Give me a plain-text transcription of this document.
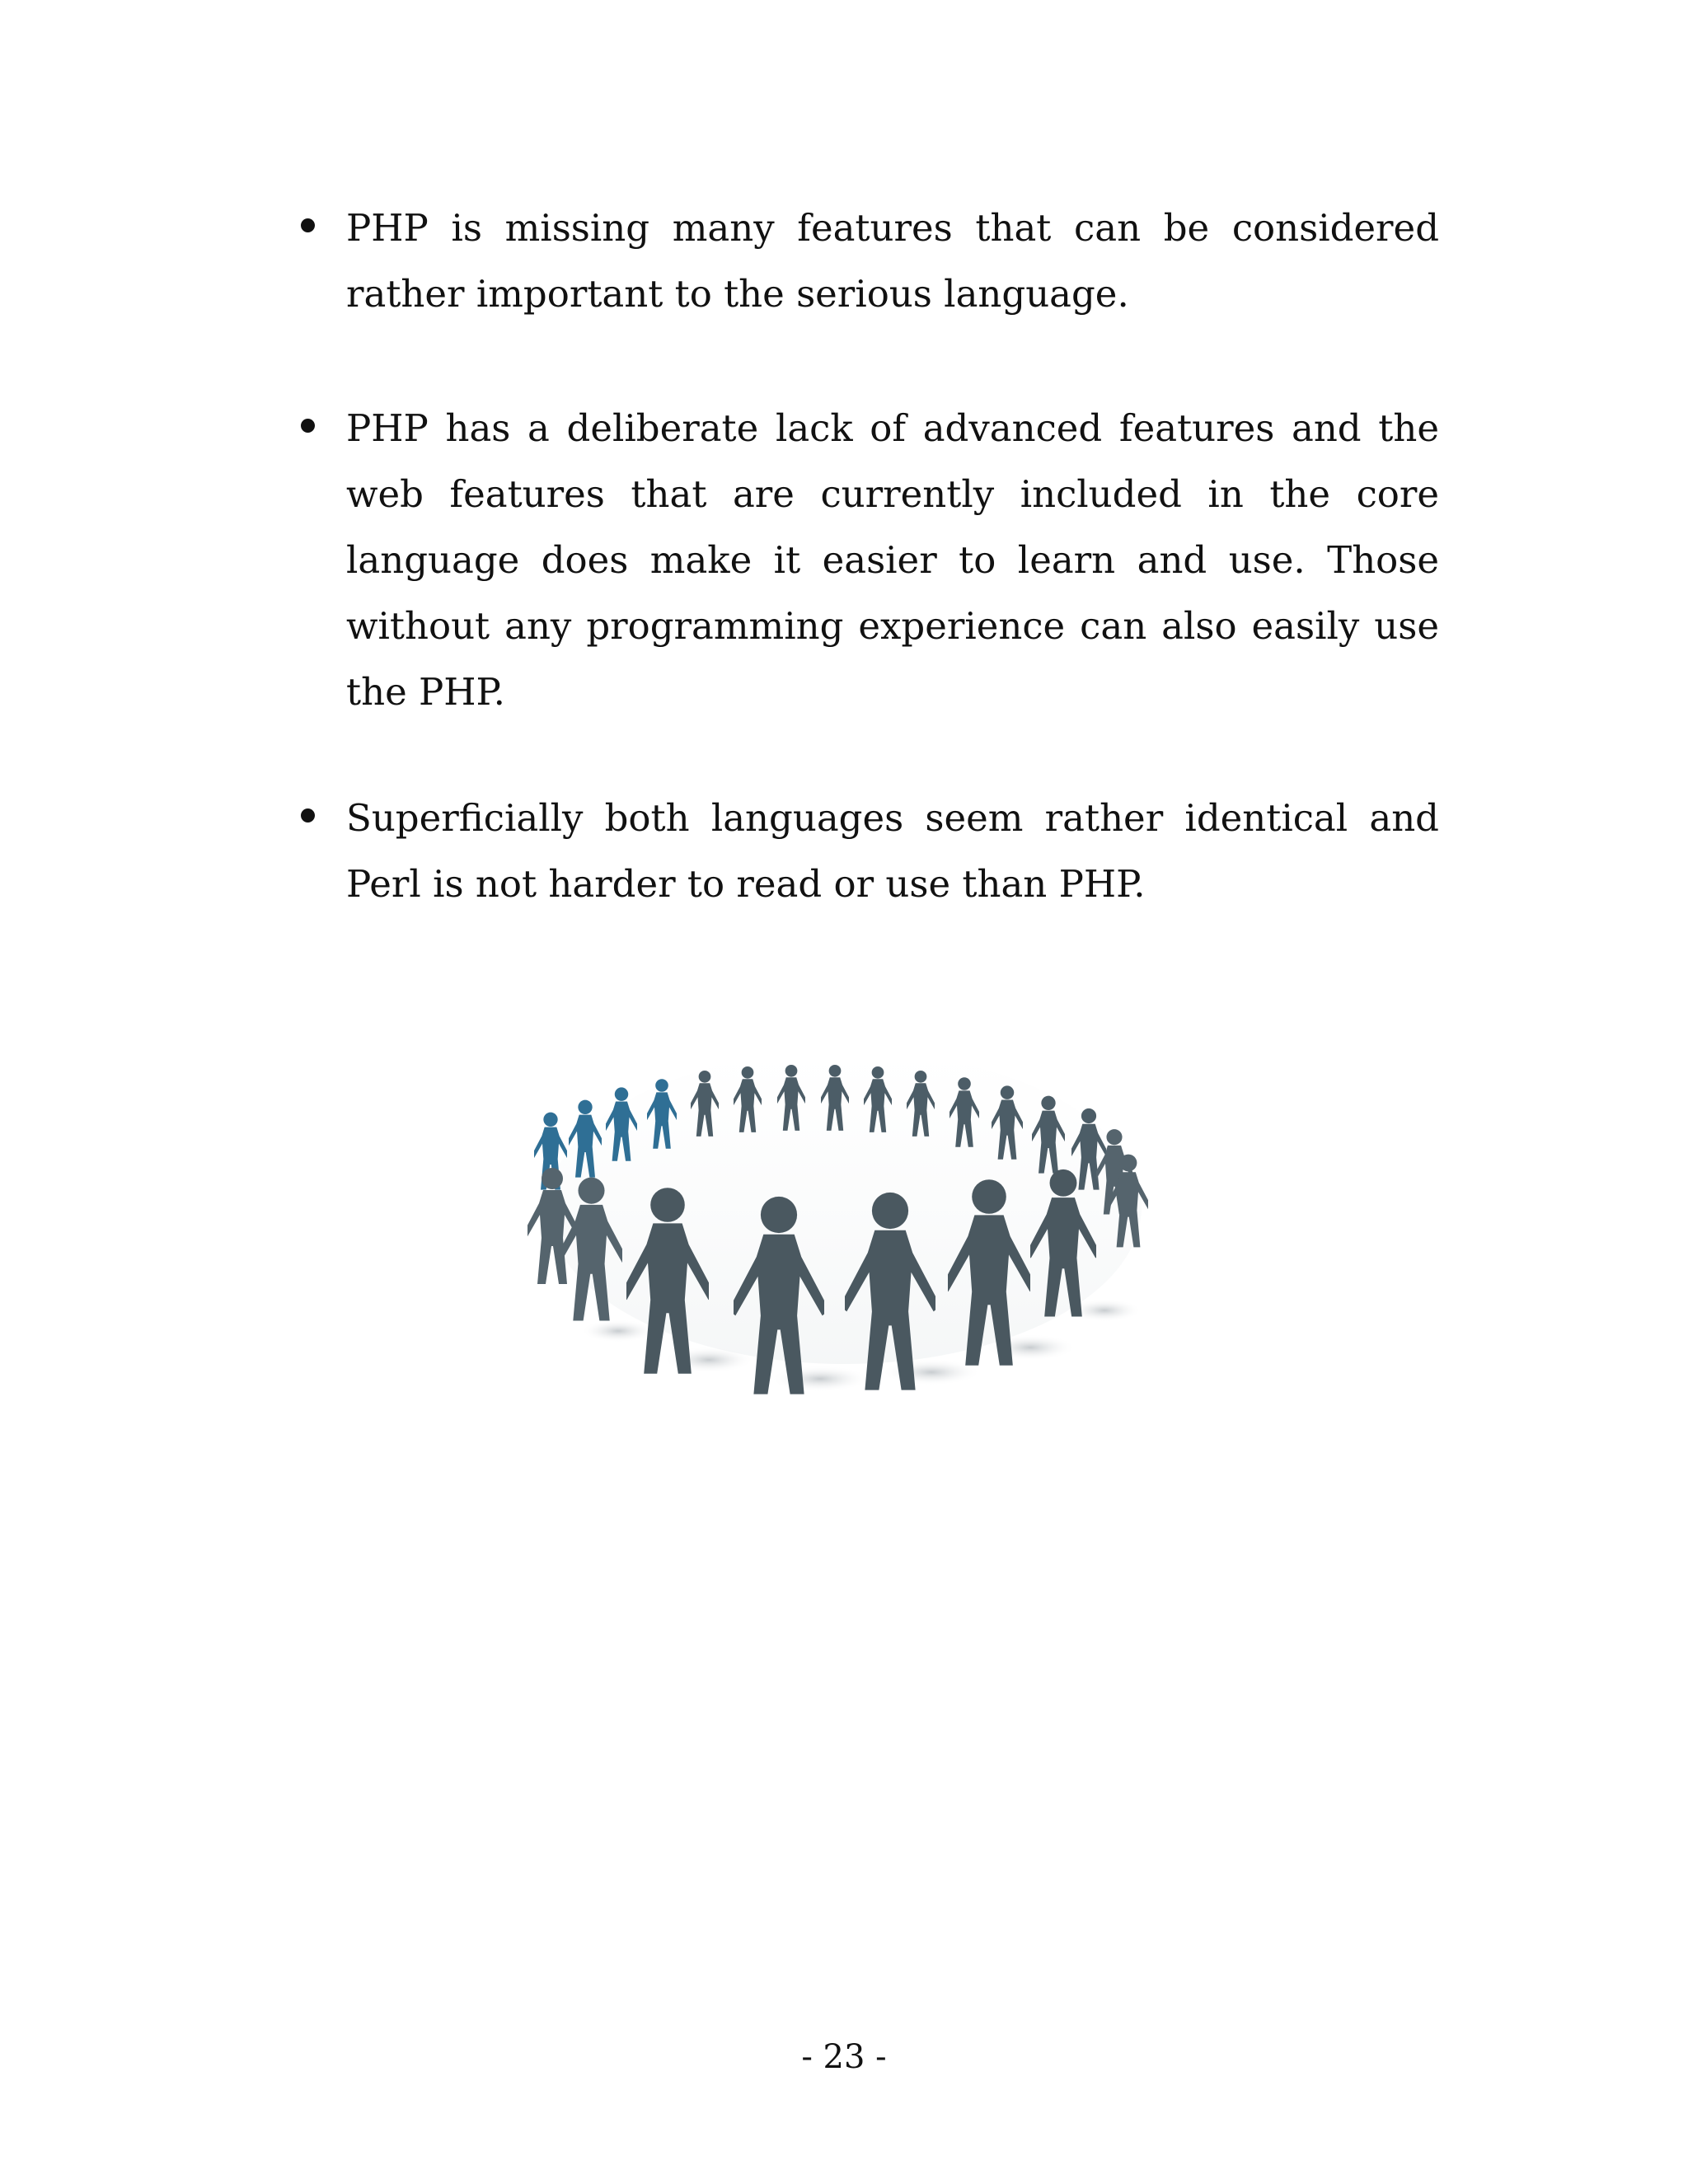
PHP is missing many features that can be considered rather important to the serious language.
PHP has a deliberate lack of advanced features and the web features that are currently included in the core language does make it easier to learn and use. Those without any programming experience can also easily use the PHP.
Superficially both languages seem rather identical and Perl is not harder to read or use than PHP.
- 23 -
